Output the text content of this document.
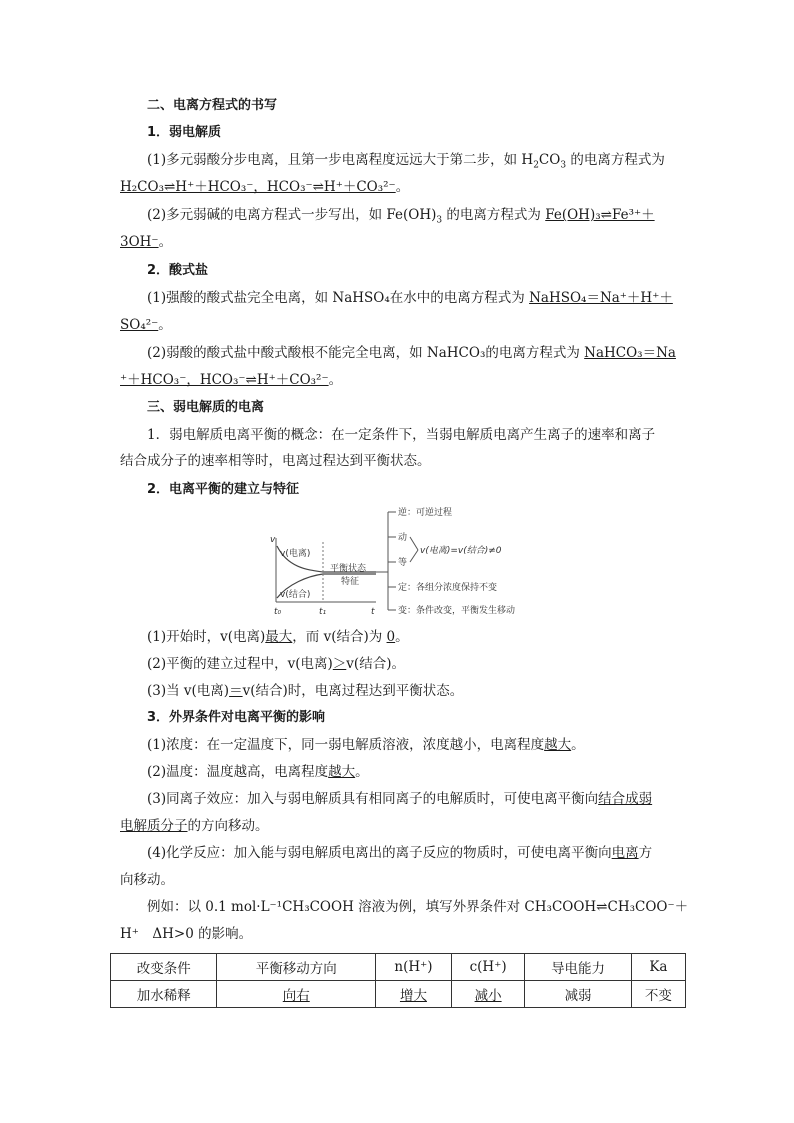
二、电离方程式的书写
1．弱电解质
(1)多元弱酸分步电离，且第一步电离程度远远大于第二步，如 $H_2CO_3$ 的电离方程式为
H₂CO₃⇌H⁺＋HCO₃⁻，HCO₃⁻⇌H⁺＋CO₃²⁻。
(2)多元弱碱的电离方程式一步写出，如 $Fe(OH)_3$ 的电离方程式为 Fe(OH)₃⇌Fe³⁺＋
3OH⁻。
2．酸式盐
(1)强酸的酸式盐完全电离，如 NaHSO₄在水中的电离方程式为 NaHSO₄＝Na⁺＋H⁺＋
SO₄²⁻。
(2)弱酸的酸式盐中酸式酸根不能完全电离，如 NaHCO₃的电离方程式为 NaHCO₃＝Na
⁺＋HCO₃⁻，HCO₃⁻⇌H⁺＋CO₃²⁻。
三、弱电解质的电离
1．弱电解质电离平衡的概念：在一定条件下，当弱电解质电离产生离子的速率和离子
结合成分子的速率相等时，电离过程达到平衡状态。
2．电离平衡的建立与特征
v
v(电离)
v(结合)
t₀	t₁	t
平衡状态
特征
逆：可逆过程
动
等
v(电离)=v(结合)≠0
定：各组分浓度保持不变
变：条件改变，平衡发生移动
(1)开始时，v(电离)最大，而 v(结合)为 0。
(2)平衡的建立过程中，v(电离)＞v(结合)。
(3)当 v(电离)＝v(结合)时，电离过程达到平衡状态。
3．外界条件对电离平衡的影响
(1)浓度：在一定温度下，同一弱电解质溶液，浓度越小，电离程度越大。
(2)温度：温度越高，电离程度越大。
(3)同离子效应：加入与弱电解质具有相同离子的电解质时，可使电离平衡向结合成弱
电解质分子的方向移动。
(4)化学反应：加入能与弱电解质电离出的离子反应的物质时，可使电离平衡向电离方
向移动。
例如：以 0.1 mol·L⁻¹CH₃COOH 溶液为例，填写外界条件对 CH₃COOH⇌CH₃COO⁻＋
H⁺　ΔH>0 的影响。
改变条件	平衡移动方向	n(H⁺)	c(H⁺)	导电能力	Ka
加水稀释	向右	增大	减小	减弱	不变
